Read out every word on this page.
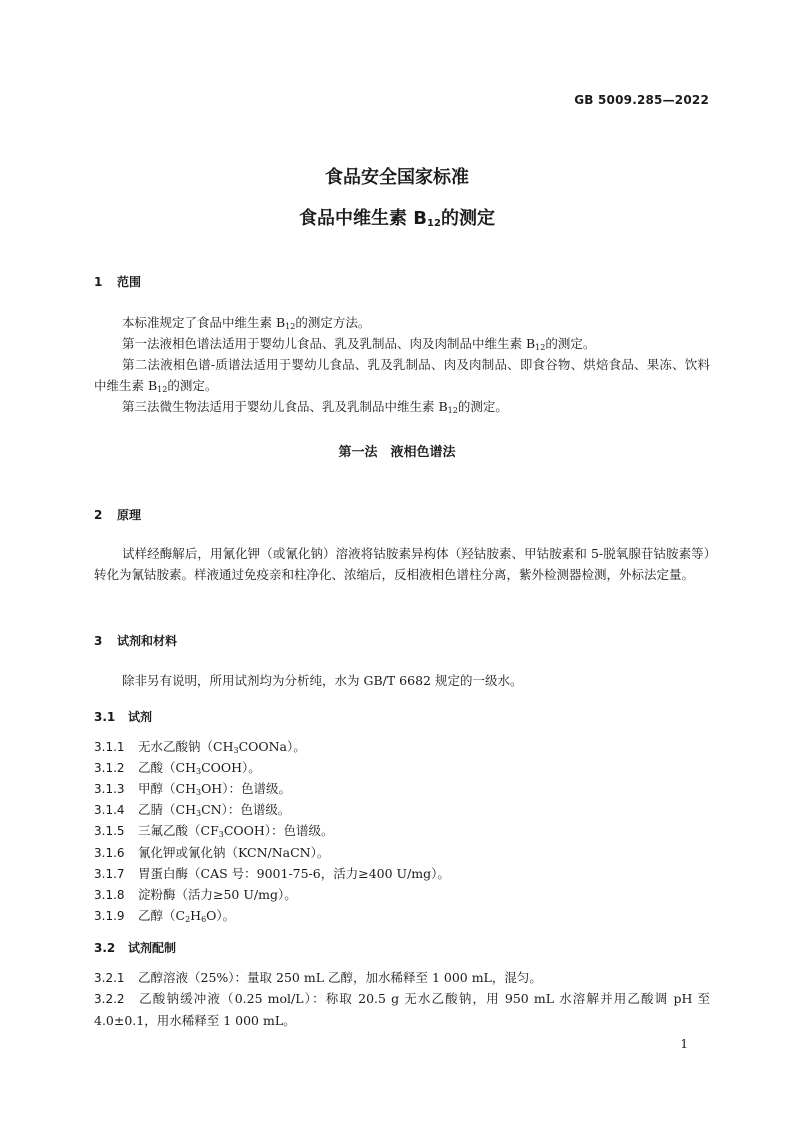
GB 5009.285—2022
食品安全国家标准
食品中维生素 $B_{12}$的测定
1 范围
本标准规定了食品中维生素 $B_{12}$的测定方法。
第一法液相色谱法适用于婴幼儿食品、乳及乳制品、肉及肉制品中维生素 $B_{12}$的测定。
第二法液相色谱-质谱法适用于婴幼儿食品、乳及乳制品、肉及肉制品、即食谷物、烘焙食品、果冻、饮料中维生素 $B_{12}$的测定。
第三法微生物法适用于婴幼儿食品、乳及乳制品中维生素 $B_{12}$的测定。
第一法　液相色谱法
2 原理
试样经酶解后，用氰化钾（或氰化钠）溶液将钴胺素异构体（羟钴胺素、甲钴胺素和 5-脱氧腺苷钴胺素等）转化为氰钴胺素。样液通过免疫亲和柱净化、浓缩后，反相液相色谱柱分离，紫外检测器检测，外标法定量。
3 试剂和材料
除非另有说明，所用试剂均为分析纯，水为 GB/T 6682 规定的一级水。
3.1 试剂
3.1.1 无水乙酸钠$(CH_3COONa)$。
3.1.2 乙酸$(CH_3COOH)$。
3.1.3 甲醇$(CH_3OH)$：色谱级。
3.1.4 乙腈$(CH_3CN)$：色谱级。
3.1.5 三氟乙酸$(CF_3COOH)$：色谱级。
3.1.6 氰化钾或氰化钠（KCN/NaCN）。
3.1.7 胃蛋白酶（CAS 号：9001-75-6，活力≥400 U/mg）。
3.1.8 淀粉酶（活力≥50 U/mg）。
3.1.9 乙醇$(C_2H_6O)$。
3.2 试剂配制
3.2.1 乙醇溶液（25%）：量取 250 mL 乙醇，加水稀释至 1 000 mL，混匀。
3.2.2 乙酸钠缓冲液（0.25 mol/L）：称取 20.5 g 无水乙酸钠，用 950 mL 水溶解并用乙酸调 pH 至 4.0±0.1，用水稀释至 1 000 mL。
1
